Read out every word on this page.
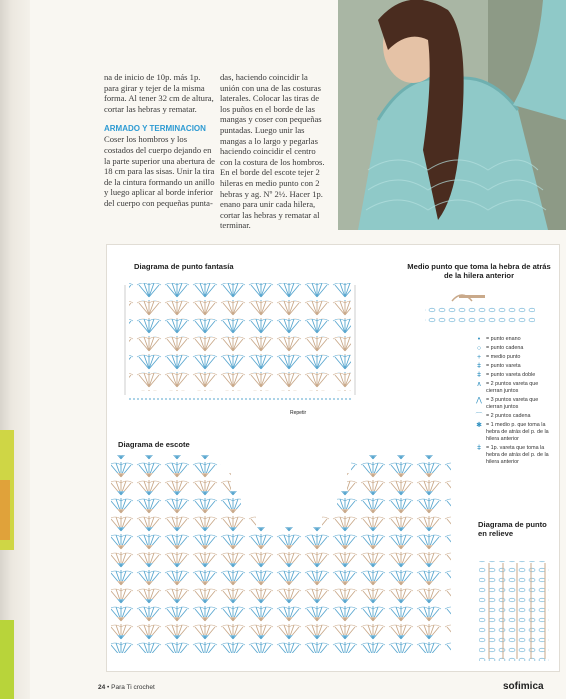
na de inicio de 10p. más 1p. para girar y tejer de la misma forma. Al tener 32 cm de altura, cortar las hebras y rematar.

ARMADO Y TERMINACION

Coser los hombros y los costados del cuerpo dejando en la parte superior una abertura de 18 cm para las sisas. Unir la tira de la cintura formando un anillo y luego aplicar al borde inferior del cuerpo con pequeñas punta-

das, haciendo coincidir la unión con una de las costuras laterales. Colocar las tiras de los puños en el borde de las mangas y coser con pequeñas puntadas. Luego unir las mangas a lo largo y pegarlas haciendo coincidir el centro con la costura de los hombros. En el borde del escote tejer 2 hileras en medio punto con 2 hebras y ag. Nº 2½. Hacer 1p. enano para unir cada hilera, cortar las hebras y rematar al terminar.

Diagrama de punto fantasía	Medio punto que toma la hebra de atrás de la hilera anterior
Diagrama de escote
Diagrama de punto en relieve
Repetir
•	= punto enano
○ = punto cadena
+ = medio punto
ǂ = punto vareta
ǂ = punto vareta doble
∧ = 2 puntos vareta que cierran juntos
⋀ = 3 puntos vareta que cierran juntos
⌒ = 2 puntos cadena
✱ = 1 medio p. que toma la hebra de atrás del p. de la hilera anterior
ǂ = 1p. vareta que toma la hebra de atrás del p. de la hilera anterior
24 • Para Ti crochet	sofimica
